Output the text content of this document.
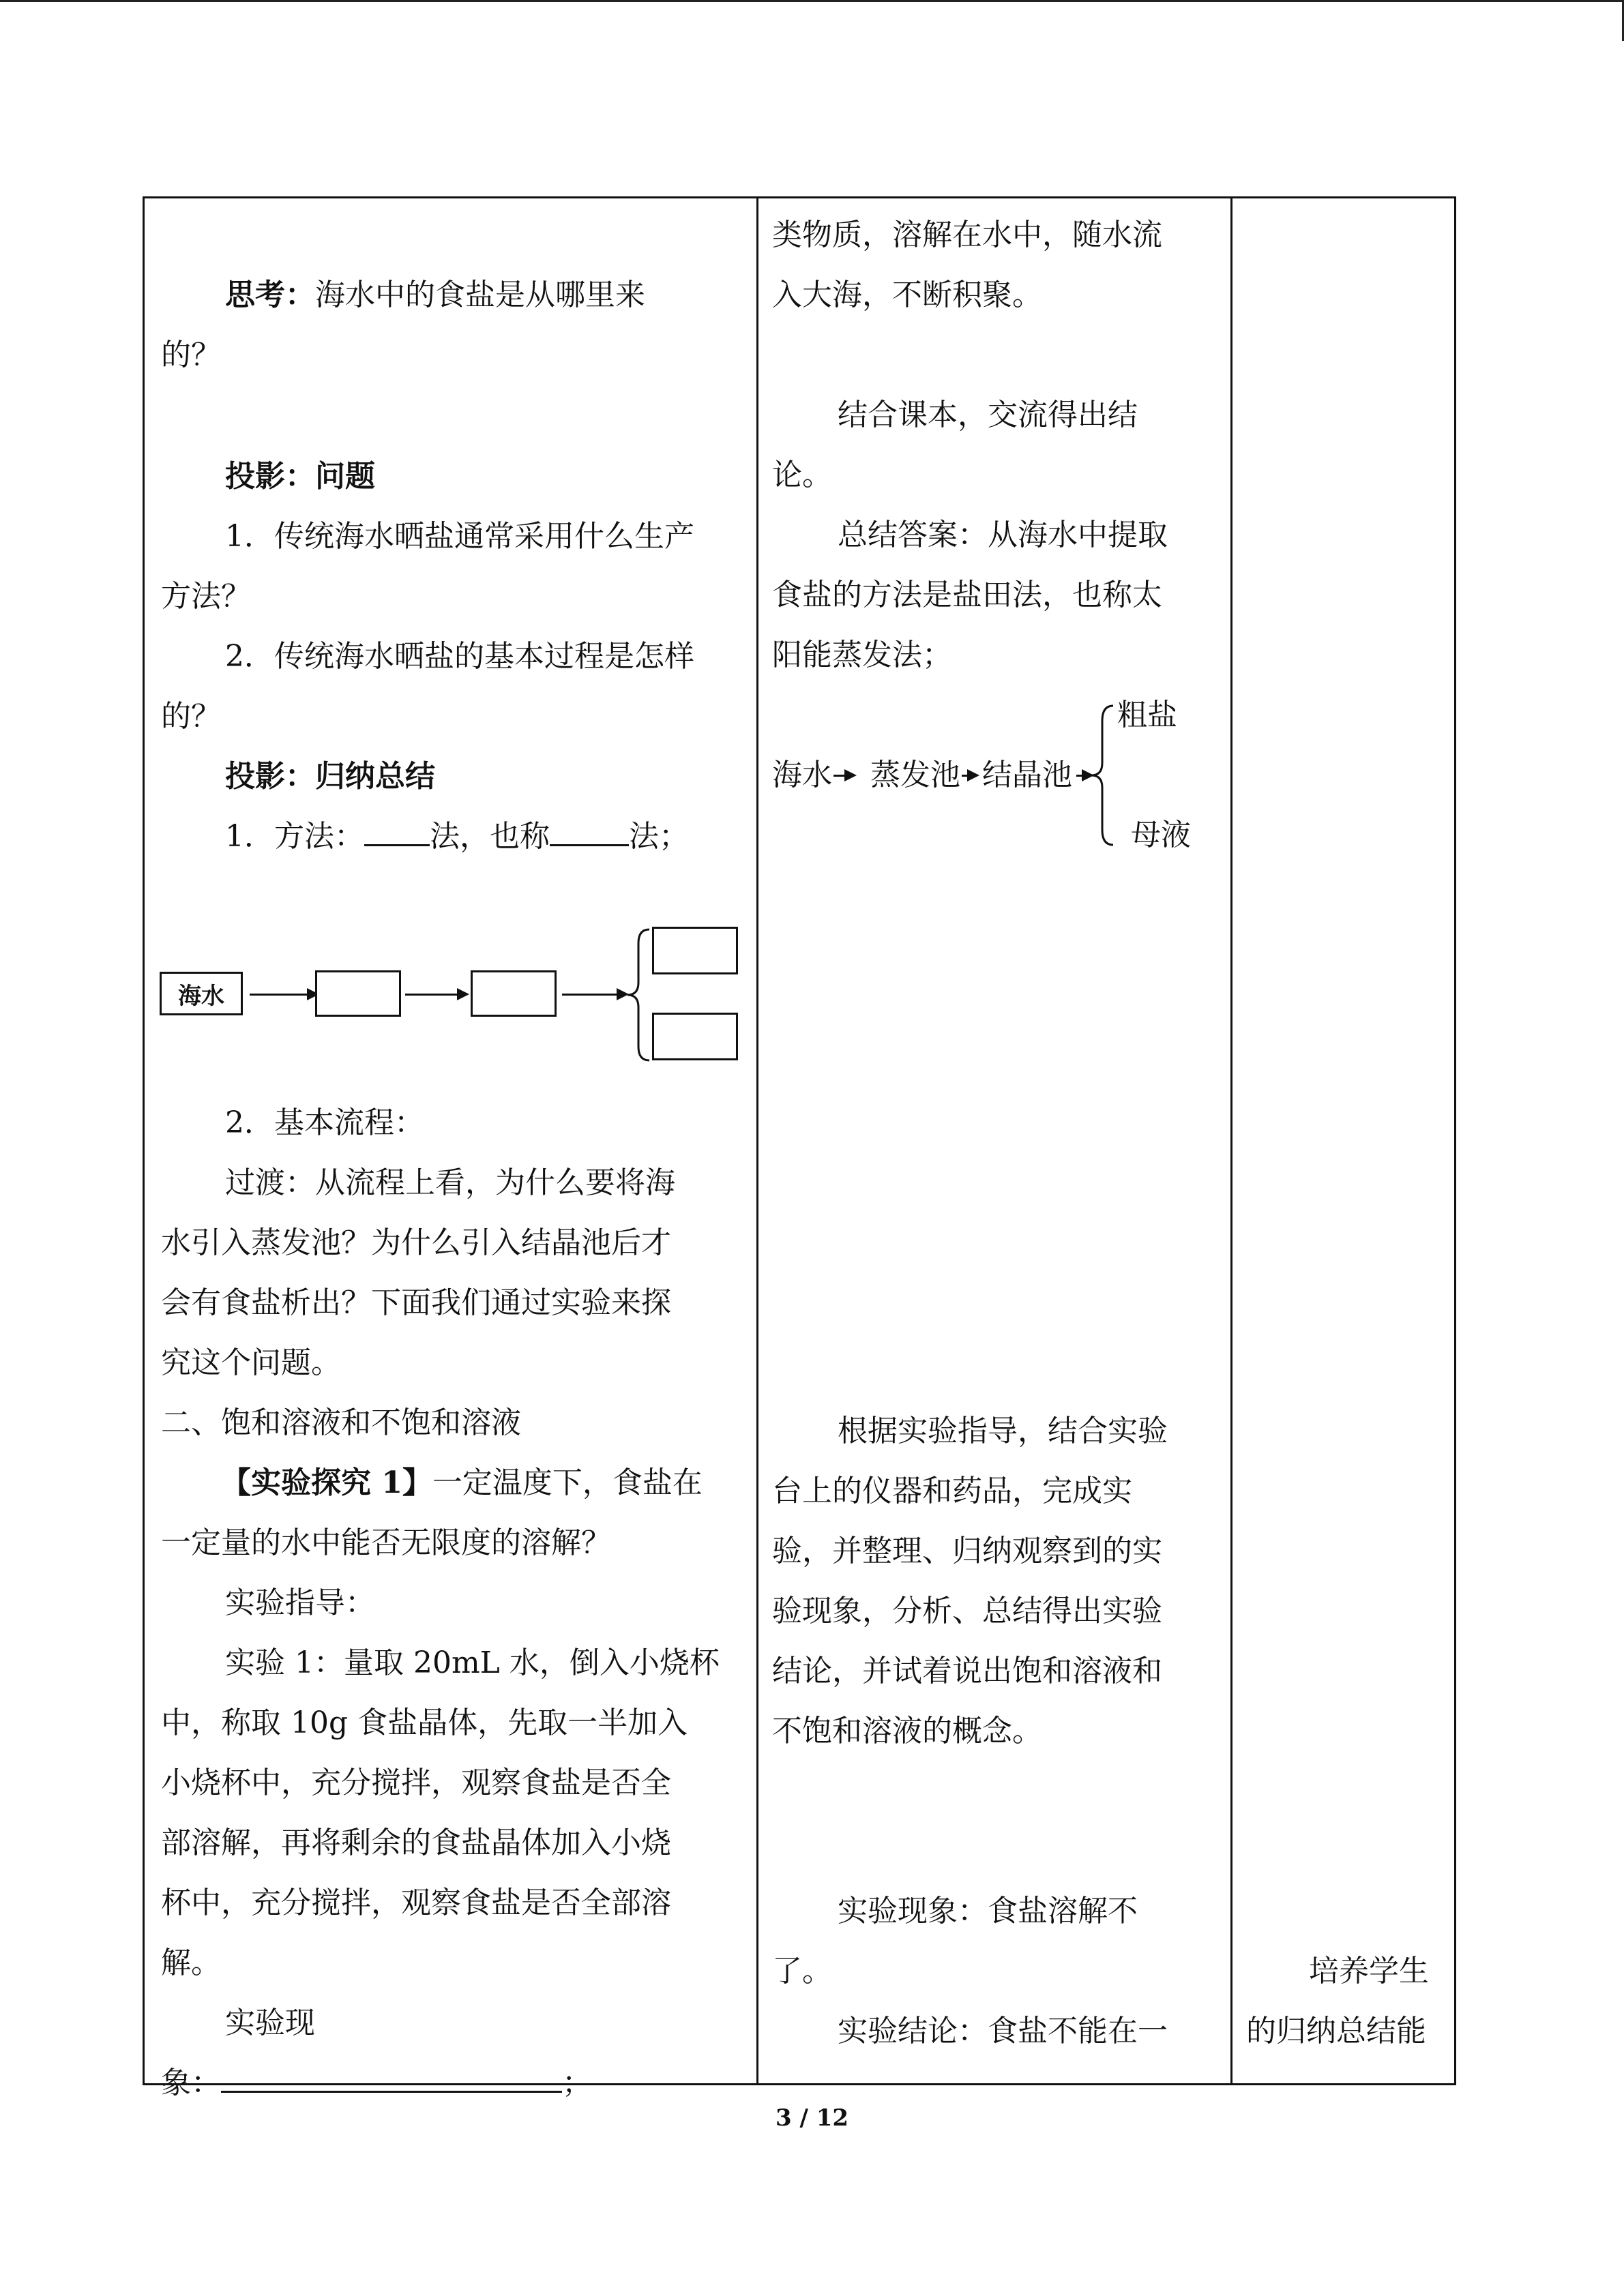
思考：海水中的食盐是从哪里来
的？
投影：问题
1．传统海水晒盐通常采用什么生产
方法？
2．传统海水晒盐的基本过程是怎样
的？
投影：归纳总结
1．方法： 法，也称	法；
海水
2．基本流程：
过渡：从流程上看，为什么要将海
水引入蒸发池？为什么引入结晶池后才
会有食盐析出？下面我们通过实验来探
究这个问题。
二、饱和溶液和不饱和溶液
【实验探究 1】一定温度下，食盐在
一定量的水中能否无限度的溶解？
实验指导：
实验 1：量取 20mL 水，倒入小烧杯
中，称取 10g 食盐晶体，先取一半加入
小烧杯中，充分搅拌，观察食盐是否全
部溶解，再将剩余的食盐晶体加入小烧
杯中，充分搅拌，观察食盐是否全部溶
解。
实验现
象：	；
类物质，溶解在水中，随水流
入大海，不断积聚。
结合课本，交流得出结
论。
总结答案：从海水中提取
食盐的方法是盐田法，也称太
阳能蒸发法；
海水 蒸发池 结晶池
粗盐
母液
根据实验指导，结合实验
台上的仪器和药品，完成实
验，并整理、归纳观察到的实
验现象，分析、总结得出实验
结论，并试着说出饱和溶液和
不饱和溶液的概念。
实验现象：食盐溶解不
了。
实验结论：食盐不能在一
培养学生
的归纳总结能
3 / 12
